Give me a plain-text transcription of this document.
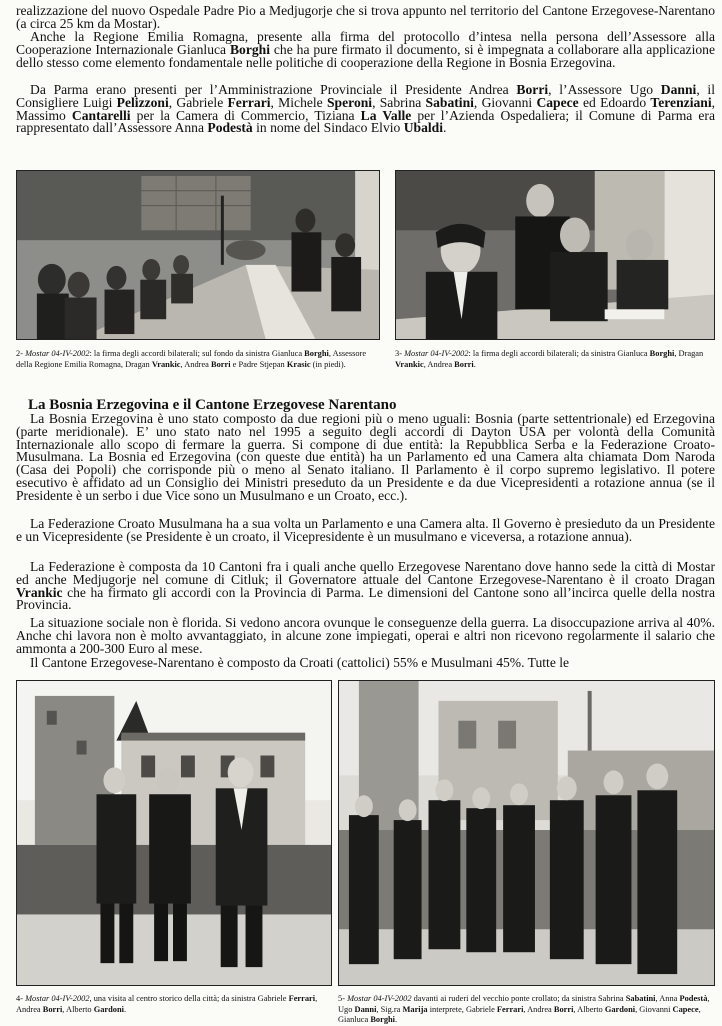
realizzazione del nuovo Ospedale Padre Pio a Medjugorje che si trova appunto nel territorio del Cantone Erzegovese-Narentano (a circa 25 km da Mostar).

Anche la Regione Emilia Romagna, presente alla firma del protocollo d’intesa nella persona dell’Assessore alla Cooperazione Internazionale Gianluca Borghi che ha pure firmato il documento, si è impegnata a collaborare alla applicazione dello stesso come elemento fondamentale nelle politiche di cooperazione della Regione in Bosnia Erzegovina.

Da Parma erano presenti per l’Amministrazione Provinciale il Presidente Andrea Borri, l’Assessore Ugo Danni, il Consigliere Luigi Pelizzoni, Gabriele Ferrari, Michele Speroni, Sabrina Sabatini, Giovanni Capece ed Edoardo Terenziani, Massimo Cantarelli per la Camera di Commercio, Tiziana La Valle per l’Azienda Ospedaliera; il Comune di Parma era rappresentato dall’Assessore Anna Podestà in nome del Sindaco Elvio Ubaldi.

2- Mostar 04-IV-2002: la firma degli accordi bilaterali; sul fondo da sinistra Gianluca Borghi, Assessore della Regione Emilia Romagna, Dragan Vrankic, Andrea Borri e Padre Stjepan Krasic (in piedi).

3- Mostar 04-IV-2002: la firma degli accordi bilaterali; da sinistra Gianluca Borghi, Dragan Vrankic, Andrea Borri.

La Bosnia Erzegovina e il Cantone Erzegovese Narentano

La Bosnia Erzegovina è uno stato composto da due regioni più o meno uguali: Bosnia (parte settentrionale) ed Erzegovina (parte meridionale). E’ uno stato nato nel 1995 a seguito degli accordi di Dayton USA per volontà della Comunità Internazionale allo scopo di fermare la guerra. Si compone di due entità: la Repubblica Serba e la Federazione Croato-Musulmana. La Bosnia ed Erzegovina (con queste due entità) ha un Parlamento ed una Camera alta chiamata Dom Naroda (Casa dei Popoli) che corrisponde più o meno al Senato italiano. Il Parlamento è il corpo supremo legislativo. Il potere esecutivo è affidato ad un Consiglio dei Ministri preseduto da un Presidente e da due Vicepresidenti a rotazione annua (se il Presidente è un serbo i due Vice sono un Musulmano e un Croato, ecc.).

La Federazione Croato Musulmana ha a sua volta un Parlamento e una Camera alta. Il Governo è presieduto da un Presidente e un Vicepresidente (se Presidente è un croato, il Vicepresidente è un musulmano e viceversa, a rotazione annua).

La Federazione è composta da 10 Cantoni fra i quali anche quello Erzegovese Narentano dove hanno sede la città di Mostar ed anche Medjugorje nel comune di Citluk; il Governatore attuale del Cantone Erzegovese-Narentano è il croato Dragan Vrankic che ha firmato gli accordi con la Provincia di Parma. Le dimensioni del Cantone sono all’incirca quelle della nostra Provincia.

La situazione sociale non è florida. Si vedono ancora ovunque le conseguenze della guerra. La disoccupazione arriva al 40%. Anche chi lavora non è molto avvantaggiato, in alcune zone impiegati, operai e altri non ricevono regolarmente il salario che ammonta a 200-300 Euro al mese.

Il Cantone Erzegovese-Narentano è composto da Croati (cattolici) 55% e Musulmani 45%. Tutte le

4- Mostar 04-IV-2002, una visita al centro storico della città; da sinistra Gabriele Ferrari, Andrea Borri, Alberto Gardoni.

5- Mostar 04-IV-2002 davanti ai ruderi del vecchio ponte crollato; da sinistra Sabrina Sabatini, Anna Podestà, Ugo Danni, Sig.ra Marija interprete, Gabriele Ferrari, Andrea Borri, Alberto Gardoni, Giovanni Capece, Gianluca Borghi.
